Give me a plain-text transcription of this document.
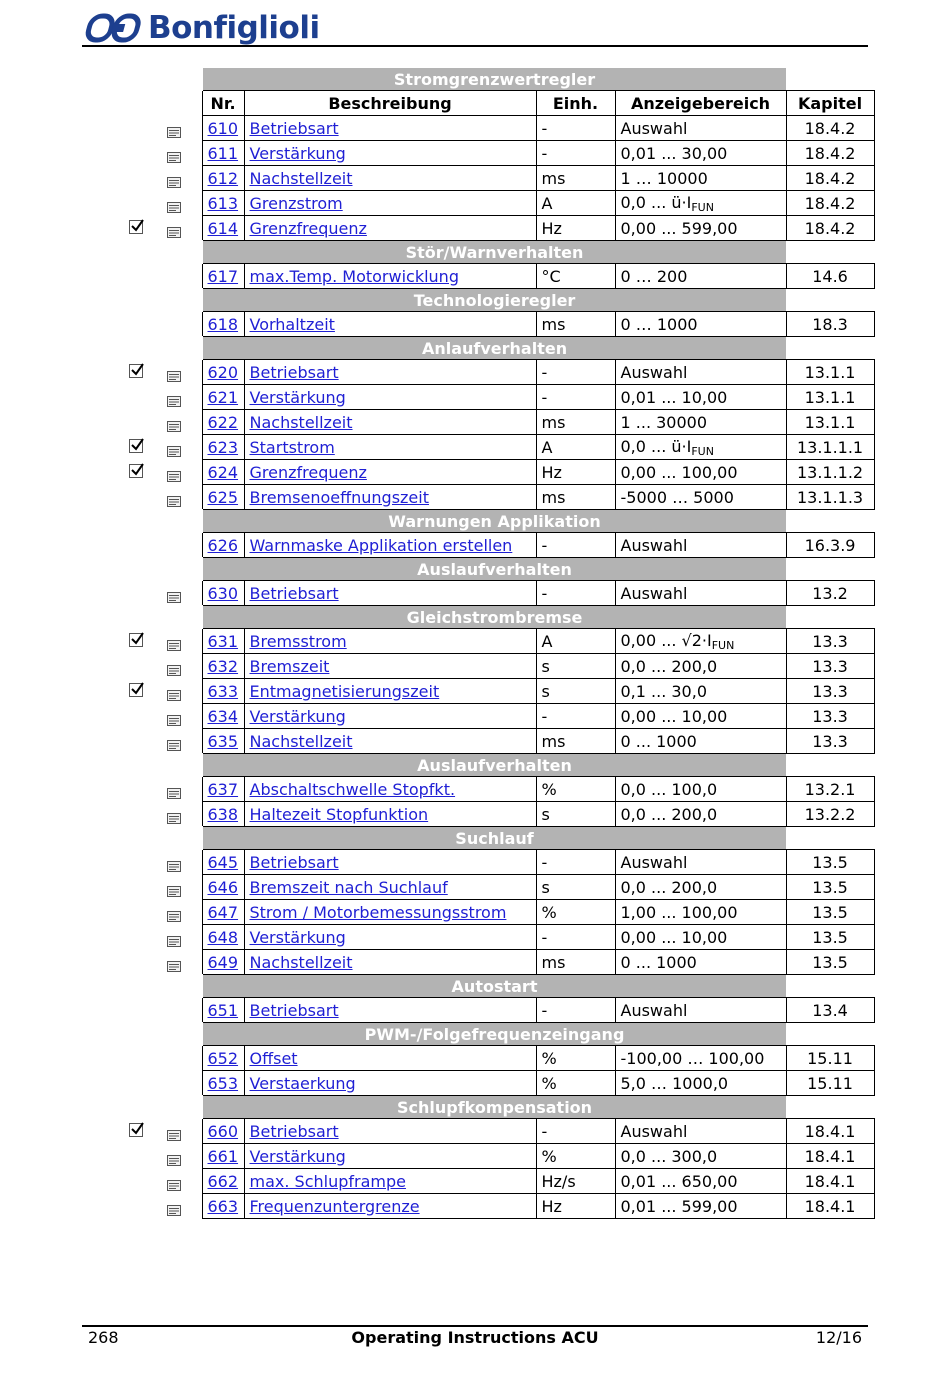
Bonfiglioli
Stromgrenzwertregler				
Nr.	Beschreibung	Einh.	Anzeigebereich	Kapitel
610	Betriebsart	-	Auswahl	18.4.2
611	Verstärkung	-	0,01 ... 30,00	18.4.2
612	Nachstellzeit	ms	1 … 10000	18.4.2
613	Grenzstrom	A	0,0 ... $ü\cdot I_{FUN}$	18.4.2
614	Grenzfrequenz	Hz	0,00 ... 599,00	18.4.2
Stör/Warnverhalten				
617	max.Temp. Motorwicklung	°C	0 … 200	14.6
Technologieregler				
618	Vorhaltzeit	ms	0 … 1000	18.3
Anlaufverhalten				
620	Betriebsart	-	Auswahl	13.1.1
621	Verstärkung	-	0,01 ... 10,00	13.1.1
622	Nachstellzeit	ms	1 ... 30000	13.1.1
623	Startstrom	A	0,0 ... $ü\cdot I_{FUN}$	13.1.1.1
624	Grenzfrequenz	Hz	0,00 ... 100,00	13.1.1.2
625	Bremsenoeffnungszeit	ms	-5000 … 5000	13.1.1.3
Warnungen Applikation				
626	Warnmaske Applikation erstellen	-	Auswahl	16.3.9
Auslaufverhalten				
630	Betriebsart	-	Auswahl	13.2
Gleichstrombremse				
631	Bremsstrom	A	0,00 ... $√2\cdot I_{FUN}$	13.3
632	Bremszeit	s	0,0 ... 200,0	13.3
633	Entmagnetisierungszeit	s	0,1 ... 30,0	13.3
634	Verstärkung	-	0,00 ... 10,00	13.3
635	Nachstellzeit	ms	0 ... 1000	13.3
Auslaufverhalten				
637	Abschaltschwelle Stopfkt.	%	0,0 ... 100,0	13.2.1
638	Haltezeit Stopfunktion	s	0,0 ... 200,0	13.2.2
Suchlauf				
645	Betriebsart	-	Auswahl	13.5
646	Bremszeit nach Suchlauf	s	0,0 ... 200,0	13.5
647	Strom / Motorbemessungsstrom	%	1,00 ... 100,00	13.5
648	Verstärkung	-	0,00 ... 10,00	13.5
649	Nachstellzeit	ms	0 ... 1000	13.5
Autostart				
651	Betriebsart	-	Auswahl	13.4
PWM-/Folgefrequenzeingang				
652	Offset	%	-100,00 … 100,00	15.11
653	Verstaerkung	%	5,0 … 1000,0	15.11
Schlupfkompensation				
660	Betriebsart	-	Auswahl	18.4.1
661	Verstärkung	%	0,0 ... 300,0	18.4.1
662	max. Schlupframpe	Hz/s	0,01 ... 650,00	18.4.1
663	Frequenzuntergrenze	Hz	0,01 ... 599,00	18.4.1
268	Operating Instructions ACU	12/16
